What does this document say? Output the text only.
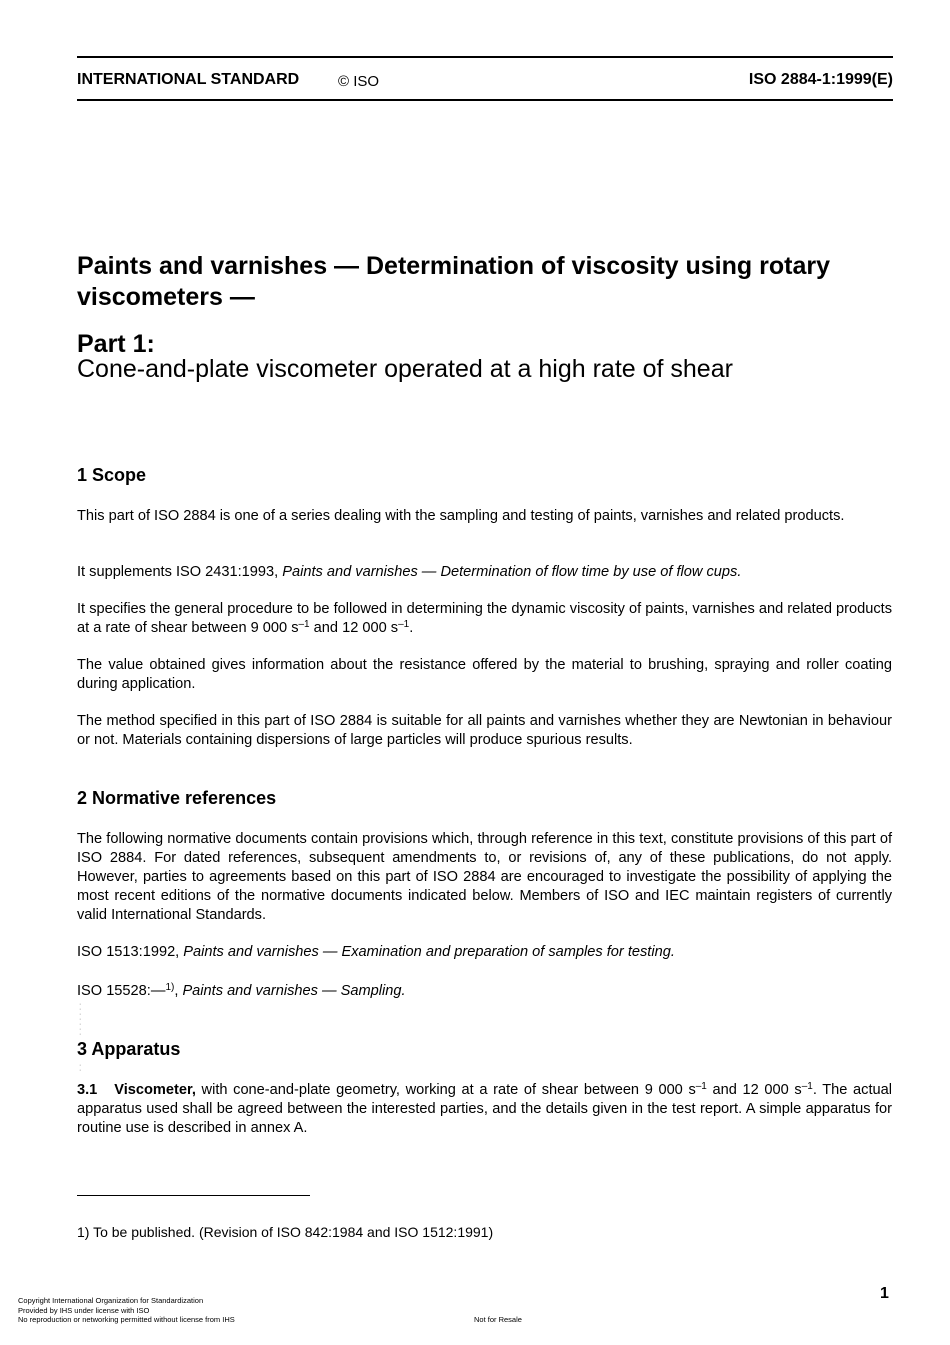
INTERNATIONAL STANDARD	© ISO	ISO 2884-1:1999(E)
Paints and varnishes — Determination of viscosity using rotary
viscometers —
Part 1:
Cone-and-plate viscometer operated at a high rate of shear
1 Scope
This part of ISO 2884 is one of a series dealing with the sampling and testing of paints, varnishes and related products.
It supplements ISO 2431:1993, Paints and varnishes — Determination of flow time by use of flow cups.
It specifies the general procedure to be followed in determining the dynamic viscosity of paints, varnishes and related products at a rate of shear between 9 000 $s^{-1}$ and 12 000 $s^{-1}$.
The value obtained gives information about the resistance offered by the material to brushing, spraying and roller coating during application.
The method specified in this part of ISO 2884 is suitable for all paints and varnishes whether they are Newtonian in behaviour or not. Materials containing dispersions of large particles will produce spurious results.
2 Normative references
The following normative documents contain provisions which, through reference in this text, constitute provisions of this part of ISO 2884. For dated references, subsequent amendments to, or revisions of, any of these publications, do not apply. However, parties to agreements based on this part of ISO 2884 are encouraged to investigate the possibility of applying the most recent editions of the normative documents indicated below. Members of ISO and IEC maintain registers of currently valid International Standards.
ISO 1513:1992, Paints and varnishes — Examination and preparation of samples for testing.
ISO 15528:—$^{1)}$, Paints and varnishes — Sampling.
·
·
·
·
·
·
·
3 Apparatus
·
·
3.1 Viscometer, with cone-and-plate geometry, working at a rate of shear between 9 000 $s^{-1}$ and 12 000 $s^{-1}$. The actual apparatus used shall be agreed between the interested parties, and the details given in the test report. A simple apparatus for routine use is described in annex A.
1) To be published. (Revision of ISO 842:1984 and ISO 1512:1991)
1
Copyright International Organization for Standardization
Provided by IHS under license with ISO
No reproduction or networking permitted without license from IHS	Not for Resale
